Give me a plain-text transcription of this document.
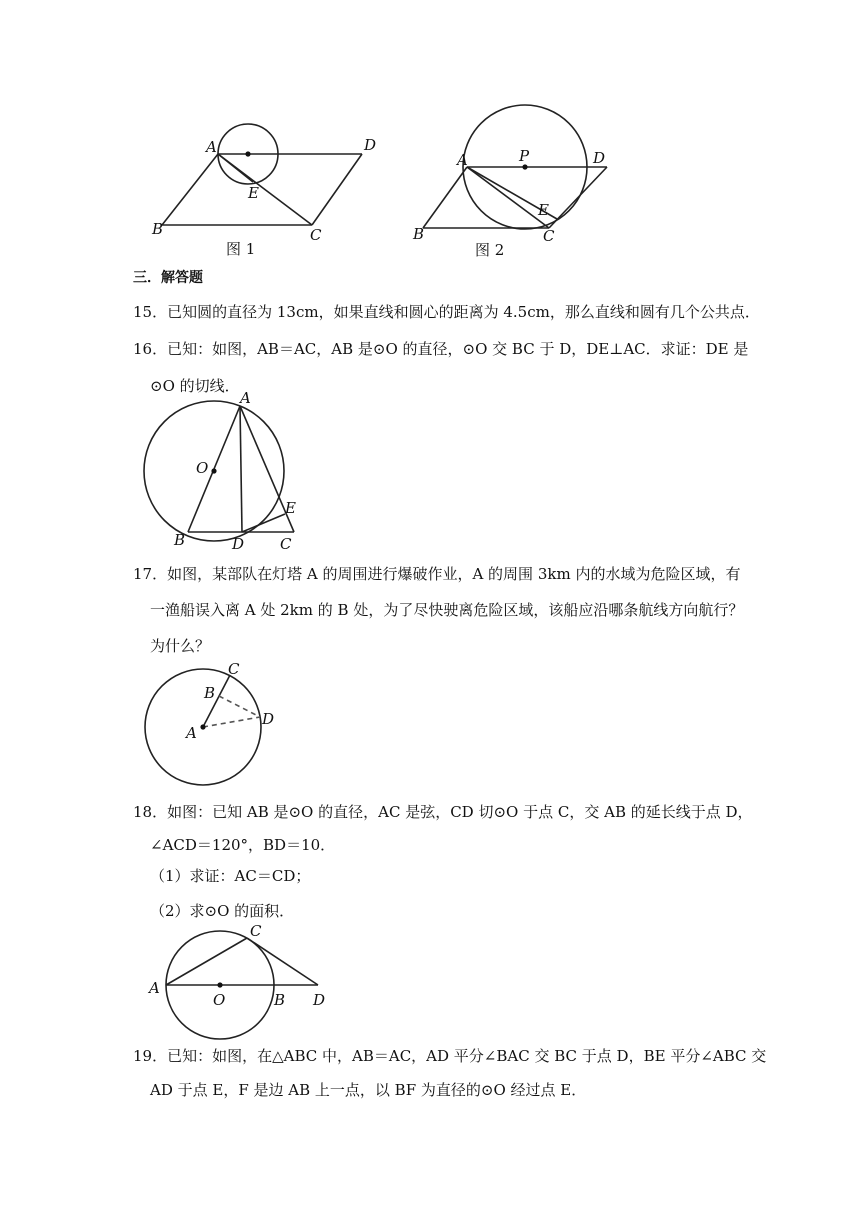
A	D
E
B	C
图 1
A	P	D
E
B	C
图 2
三．解答题
15．已知圆的直径为 13cm，如果直线和圆心的距离为 4.5cm，那么直线和圆有几个公共点．
16．已知：如图，AB＝AC，AB 是⊙O 的直径，⊙O 交 BC 于 D，DE⊥AC．求证：DE 是
⊙O 的切线．
A
O
E
B	D C
17．如图，某部队在灯塔 A 的周围进行爆破作业，A 的周围 3km 内的水域为危险区域，有
一渔船误入离 A 处 2km 的 B 处，为了尽快驶离危险区域，该船应沿哪条航线方向航行？
为什么？
C
B
D
A
18．如图：已知 AB 是⊙O 的直径，AC 是弦，CD 切⊙O 于点 C，交 AB 的延长线于点 D，
∠ACD＝120°，BD＝10．
（1）求证：AC＝CD；
（2）求⊙O 的面积．
C
A
O	B D
19．已知：如图，在△ABC 中，AB＝AC，AD 平分∠BAC 交 BC 于点 D，BE 平分∠ABC 交
AD 于点 E，F 是边 AB 上一点，以 BF 为直径的⊙O 经过点 E．
